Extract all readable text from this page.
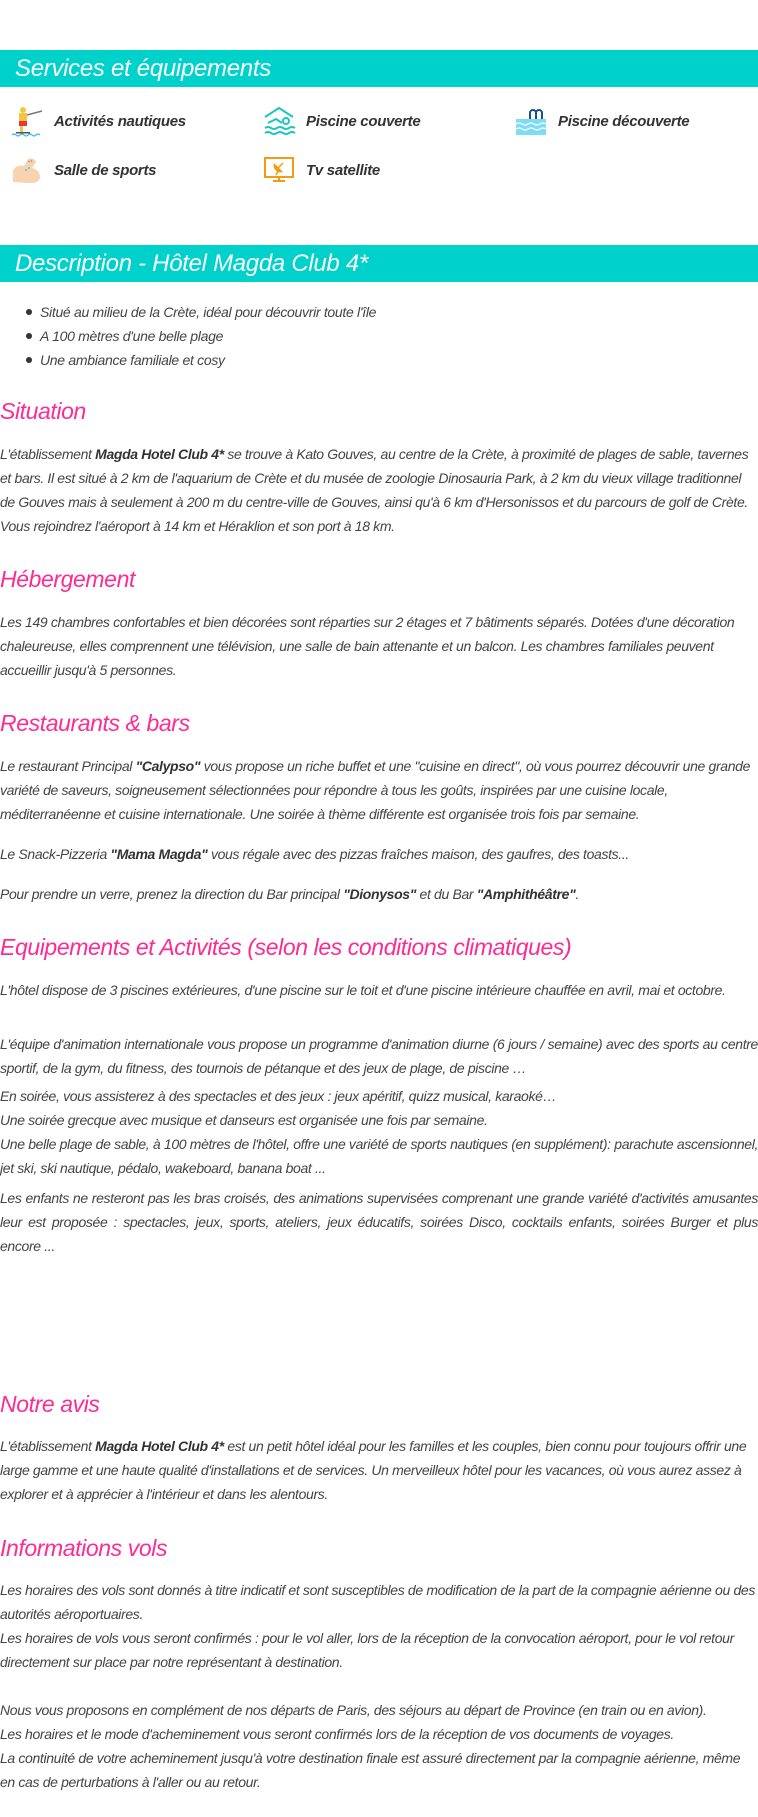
Services et équipements
Activités nautiques	Piscine couverte	Piscine découverte
Salle de sports	Tv satellite
Description - Hôtel Magda Club 4*
Situé au milieu de la Crète, idéal pour découvrir toute l'île
A 100 mètres d'une belle plage
Une ambiance familiale et cosy
Situation

L'établissement Magda Hotel Club 4* se trouve à Kato Gouves, au centre de la Crète, à proximité de plages de sable, tavernes et bars. Il est situé à 2 km de l'aquarium de Crète et du musée de zoologie Dinosauria Park, à 2 km du vieux village traditionnel de Gouves mais à seulement à 200 m du centre-ville de Gouves, ainsi qu'à 6 km d'Hersonissos et du parcours de golf de Crète. Vous rejoindrez l'aéroport à 14 km et Héraklion et son port à 18 km.

Hébergement

Les 149 chambres confortables et bien décorées sont réparties sur 2 étages et 7 bâtiments séparés. Dotées d'une décoration chaleureuse, elles comprennent une télévision, une salle de bain attenante et un balcon. Les chambres familiales peuvent accueillir jusqu'à 5 personnes.

Restaurants & bars

Le restaurant Principal "Calypso" vous propose un riche buffet et une "cuisine en direct", où vous pourrez découvrir une grande variété de saveurs, soigneusement sélectionnées pour répondre à tous les goûts, inspirées par une cuisine locale, méditerranéenne et cuisine internationale. Une soirée à thème différente est organisée trois fois par semaine.

Le Snack-Pizzeria "Mama Magda" vous régale avec des pizzas fraîches maison, des gaufres, des toasts...

Pour prendre un verre, prenez la direction du Bar principal "Dionysos" et du Bar "Amphithéâtre".

Equipements et Activités (selon les conditions climatiques)

L'hôtel dispose de 3 piscines extérieures, d'une piscine sur le toit et d'une piscine intérieure chauffée en avril, mai et octobre.

L'équipe d'animation internationale vous propose un programme d'animation diurne (6 jours / semaine) avec des sports au centre sportif, de la gym, du fitness, des tournois de pétanque et des jeux de plage, de piscine …

En soirée, vous assisterez à des spectacles et des jeux : jeux apéritif, quizz musical, karaoké…

Une soirée grecque avec musique et danseurs est organisée une fois par semaine.

Une belle plage de sable, à 100 mètres de l'hôtel, offre une variété de sports nautiques (en supplément): parachute ascensionnel, jet ski, ski nautique, pédalo, wakeboard, banana boat ...

Les enfants ne resteront pas les bras croisés, des animations supervisées comprenant une grande variété d'activités amusantes leur est proposée : spectacles, jeux, sports, ateliers, jeux éducatifs, soirées Disco, cocktails enfants, soirées Burger et plus encore ...

Notre avis

L'établissement Magda Hotel Club 4* est un petit hôtel idéal pour les familles et les couples, bien connu pour toujours offrir une large gamme et une haute qualité d'installations et de services. Un merveilleux hôtel pour les vacances, où vous aurez assez à explorer et à apprécier à l'intérieur et dans les alentours.

Informations vols

Les horaires des vols sont donnés à titre indicatif et sont susceptibles de modification de la part de la compagnie aérienne ou des autorités aéroportuaires.

Les horaires de vols vous seront confirmés : pour le vol aller, lors de la réception de la convocation aéroport, pour le vol retour directement sur place par notre représentant à destination.

Nous vous proposons en complément de nos départs de Paris, des séjours au départ de Province (en train ou en avion).

Les horaires et le mode d'acheminement vous seront confirmés lors de la réception de vos documents de voyages.

La continuité de votre acheminement jusqu'à votre destination finale est assuré directement par la compagnie aérienne, même en cas de perturbations à l'aller ou au retour.
